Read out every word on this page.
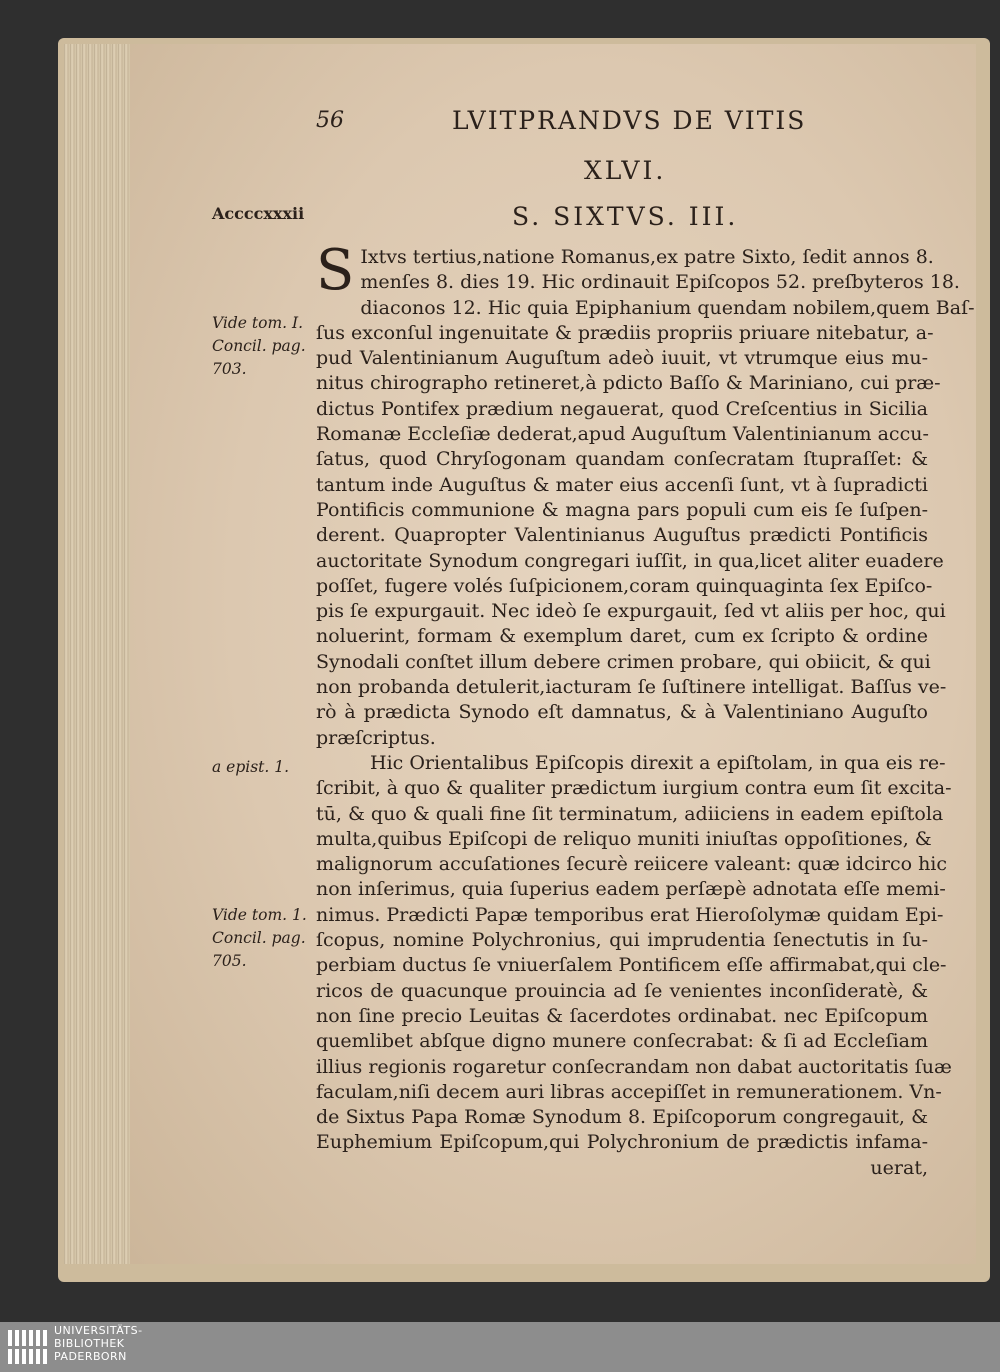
56	LVITPRANDVS DE VITIS
XLVI.
S. SIXTVS. III.
Accccxxxii
Vide tom. I.
Concil. pag.
703.
a epist. 1.
Vide tom. 1.
Concil. pag.
705.
S Ixtvs tertius,natione Romanus,ex patre Sixto, ſedit annos 8.
menſes 8. dies 19. Hic ordinauit Epiſcopos 52. preſbyteros 18.
diaconos 12. Hic quia Epiphanium quendam nobilem,quem Baſ-
ſus exconſul ingenuitate & prædiis propriis priuare nitebatur, a-
pud Valentinianum Auguſtum adeò iuuit, vt vtrumque eius mu-
nitus chirographo retineret,à pdicto Baſſo & Mariniano, cui præ-
dictus Pontifex prædium negauerat, quod Creſcentius in Sicilia
Romanæ Eccleſiæ dederat,apud Auguſtum Valentinianum accu-
ſatus, quod Chryſogonam quandam conſecratam ſtupraſſet: &
tantum inde Auguſtus & mater eius accenſi ſunt, vt à ſupradicti
Pontificis communione & magna pars populi cum eis ſe ſuſpen-
derent. Quapropter Valentinianus Auguſtus prædicti Pontificis
auctoritate Synodum congregari iuſſit, in qua,licet aliter euadere
poſſet, fugere volés ſuſpicionem,coram quinquaginta ſex Epiſco-
pis ſe expurgauit. Nec ideò ſe expurgauit, ſed vt aliis per hoc, qui
noluerint, formam & exemplum daret, cum ex ſcripto & ordine
Synodali conſtet illum debere crimen probare, qui obiicit, & qui
non probanda detulerit,iacturam ſe ſuſtinere intelligat. Baſſus ve-
rò à prædicta Synodo eſt damnatus, & à Valentiniano Auguſto
præſcriptus.
Hic Orientalibus Epiſcopis direxit a epiſtolam, in qua eis re-
ſcribit, à quo & qualiter prædictum iurgium contra eum ſit excita-
tū, & quo & quali fine ſit terminatum, adiiciens in eadem epiſtola
multa,quibus Epiſcopi de reliquo muniti iniuſtas oppoſitiones, &
malignorum accuſationes ſecurè reiicere valeant: quæ idcirco hic
non inſerimus, quia ſuperius eadem perſæpè adnotata eſſe memi-
nimus. Prædicti Papæ temporibus erat Hieroſolymæ quidam Epi-
ſcopus, nomine Polychronius, qui imprudentia ſenectutis in ſu-
perbiam ductus ſe vniuerſalem Pontificem eſſe affirmabat,qui cle-
ricos de quacunque prouincia ad ſe venientes inconſideratè, &
non ſine precio Leuitas & ſacerdotes ordinabat. nec Epiſcopum
quemlibet abſque digno munere conſecrabat: & ſi ad Eccleſiam
illius regionis rogaretur conſecrandam non dabat auctoritatis ſuæ
faculam,niſi decem auri libras accepiſſet in remunerationem. Vn-
de Sixtus Papa Romæ Synodum 8. Epiſcoporum congregauit, &
Euphemium Epiſcopum,qui Polychronium de prædictis infama-
uerat,
UNIVERSITÄTS-
BIBLIOTHEK
PADERBORN
